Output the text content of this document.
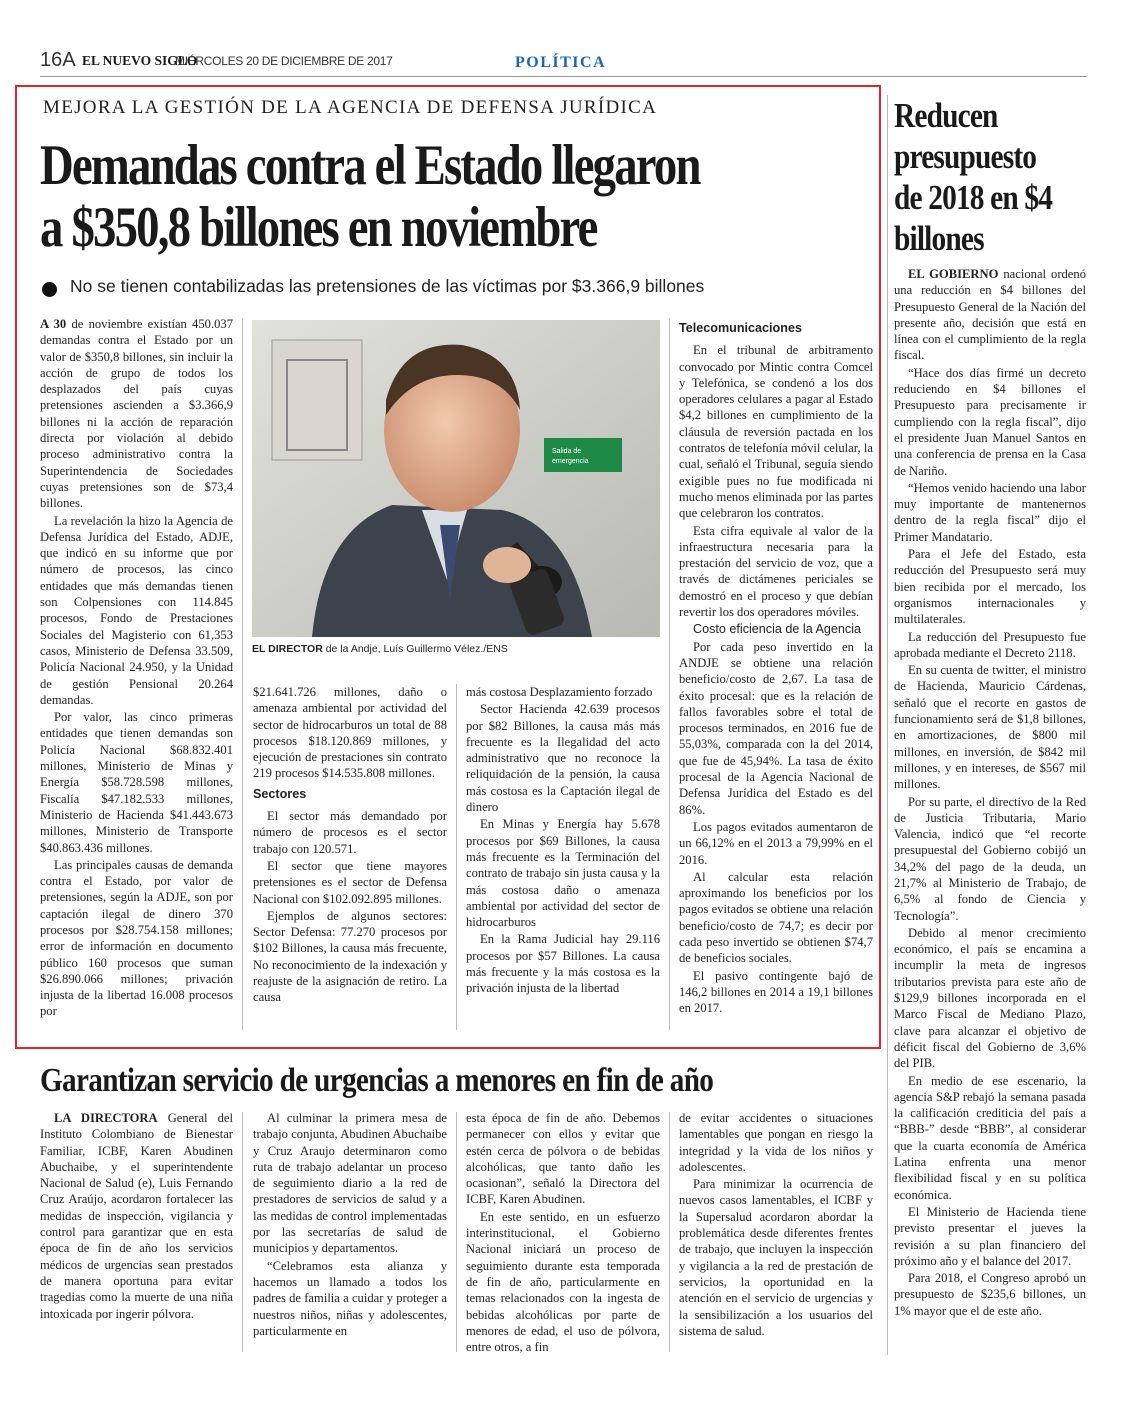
16A EL NUEVO SIGLO
MIÉRCOLES 20 DE DICIEMBRE DE 2017	POLÍTICA
MEJORA LA GESTIÓN DE LA AGENCIA DE DEFENSA JURÍDICA
Demandas contra el Estado llegaron
a $350,8 billones en noviembre
No se tienen contabilizadas las pretensiones de las víctimas por $3.366,9 billones

A 30 de noviembre existían 450.037 demandas contra el Estado por un valor de $350,8 billones, sin incluir la acción de grupo de todos los desplazados del país cuyas pretensiones ascienden a $3.366,9 billones ni la acción de reparación directa por violación al debido proceso administrativo contra la Superintendencia de Sociedades cuyas pretensiones son de $73,4 billones.

La revelación la hizo la Agencia de Defensa Jurídica del Estado, ADJE, que indicó en su informe que por número de procesos, las cinco entidades que más demandas tienen son Colpensiones con 114.845 procesos, Fondo de Prestaciones Sociales del Magisterio con 61,353 casos, Ministerio de Defensa 33.509, Policía Nacional 24.950, y la Unidad de gestión Pensional 20.264 demandas.

Por valor, las cinco primeras entidades que tienen demandas son Policía Nacional $68.832.401 millones, Ministerio de Minas y Energía $58.728.598 millones, Fiscalía $47.182.533 millones, Ministerio de Hacienda $41.443.673 millones, Ministerio de Transporte $40.863.436 millones.

Las principales causas de demanda contra el Estado, por valor de pretensiones, según la ADJE, son por captación ilegal de dinero 370 procesos por $28.754.158 millones; error de información en documento público 160 procesos que suman $26.890.066 millones; privación injusta de la libertad 16.008 procesos por

Salida de
emergencia
EL DIRECTOR de la Andje, Luís Guillermo Vélez./ENS

$21.641.726 millones, daño o amenaza ambiental por actividad del sector de hidrocarburos un total de 88 procesos $18.120.869 millones, y ejecución de prestaciones sin contrato 219 procesos $14.535.808 millones.

Sectores

El sector más demandado por número de procesos es el sector trabajo con 120.571.

El sector que tiene mayores pretensiones es el sector de Defensa Nacional con $102.092.895 millones.

Ejemplos de algunos sectores: Sector Defensa: 77.270 procesos por $102 Billones, la causa más frecuente, No reconocimiento de la indexación y reajuste de la asignación de retiro. La causa

más costosa Desplazamiento forzado

Sector Hacienda 42.639 procesos por $82 Billones, la causa más más frecuente es la Ilegalidad del acto administrativo que no reconoce la reliquidación de la pensión, la causa más costosa es la Captación ilegal de dinero

En Minas y Energía hay 5.678 procesos por $69 Billones, la causa más frecuente es la Terminación del contrato de trabajo sin justa causa y la más costosa daño o amenaza ambiental por actividad del sector de hidrocarburos

En la Rama Judicial hay 29.116 procesos por $57 Billones. La causa más frecuente y la más costosa es la privación injusta de la libertad

Telecomunicaciones

En el tribunal de arbitramento convocado por Mintic contra Comcel y Telefónica, se condenó a los dos operadores celulares a pagar al Estado $4,2 billones en cumplimiento de la cláusula de reversión pactada en los contratos de telefonía móvil celular, la cual, señaló el Tribunal, seguía siendo exigible pues no fue modificada ni mucho menos eliminada por las partes que celebraron los contratos.

Esta cifra equivale al valor de la infraestructura necesaria para la prestación del servicio de voz, que a través de dictámenes periciales se demostró en el proceso y que debían revertir los dos operadores móviles.

Costo eficiencia de la Agencia

Por cada peso invertido en la ANDJE se obtiene una relación beneficio/costo de 2,67. La tasa de éxito procesal: que es la relación de fallos favorables sobre el total de procesos terminados, en 2016 fue de 55,03%, comparada con la del 2014, que fue de 45,94%. La tasa de éxito procesal de la Agencia Nacional de Defensa Jurídica del Estado es del 86%.

Los pagos evitados aumentaron de un 66,12% en el 2013 a 79,99% en el 2016.

Al calcular esta relación aproximando los beneficios por los pagos evitados se obtiene una relación beneficio/costo de 74,7; es decir por cada peso invertido se obtienen $74,7 de beneficios sociales.

El pasivo contingente bajó de 146,2 billones en 2014 a 19,1 billones en 2017.

Reducen presupuesto de 2018 en $4 billones

EL GOBIERNO nacional ordenó una reducción en $4 billones del Presupuesto General de la Nación del presente año, decisión que está en línea con el cumplimiento de la regla fiscal.

“Hace dos días firmé un decreto reduciendo en $4 billones el Presupuesto para precisamente ir cumpliendo con la regla fiscal”, dijo el presidente Juan Manuel Santos en una conferencia de prensa en la Casa de Nariño.

“Hemos venido haciendo una labor muy importante de mantenernos dentro de la regla fiscal” dijo el Primer Mandatario.

Para el Jefe del Estado, esta reducción del Presupuesto será muy bien recibida por el mercado, los organismos internacionales y multilaterales.

La reducción del Presupuesto fue aprobada mediante el Decreto 2118.

En su cuenta de twitter, el ministro de Hacienda, Mauricio Cárdenas, señaló que el recorte en gastos de funcionamiento será de $1,8 billones, en amortizaciones, de $800 mil millones, en inversión, de $842 mil millones, y en intereses, de $567 mil millones.

Por su parte, el directivo de la Red de Justicia Tributaria, Mario Valencia, indicó que “el recorte presupuestal del Gobierno cobijó un 34,2% del pago de la deuda, un 21,7% al Ministerio de Trabajo, de 6,5% al fondo de Ciencia y Tecnología”.

Debido al menor crecimiento económico, el país se encamina a incumplir la meta de ingresos tributarios prevista para este año de $129,9 billones incorporada en el Marco Fiscal de Mediano Plazo, clave para alcanzar el objetivo de déficit fiscal del Gobierno de 3,6% del PIB.

En medio de ese escenario, la agencia S&P rebajó la semana pasada la calificación crediticia del país a “BBB-” desde “BBB”, al considerar que la cuarta economía de América Latina enfrenta una menor flexibilidad fiscal y en su política económica.

El Ministerio de Hacienda tiene previsto presentar el jueves la revisión a su plan financiero del próximo año y el balance del 2017.

Para 2018, el Congreso aprobó un presupuesto de $235,6 billones, un 1% mayor que el de este año.

Garantizan servicio de urgencias a menores en fin de año

LA DIRECTORA General del Instituto Colombiano de Bienestar Familiar, ICBF, Karen Abudinen Abuchaibe, y el superintendente Nacional de Salud (e), Luis Fernando Cruz Araújo, acordaron fortalecer las medidas de inspección, vigilancia y control para garantizar que en esta época de fin de año los servicios médicos de urgencias sean prestados de manera oportuna para evitar tragedias como la muerte de una niña intoxicada por ingerir pólvora.

Al culminar la primera mesa de trabajo conjunta, Abudinen Abuchaibe y Cruz Araujo determinaron como ruta de trabajo adelantar un proceso de seguimiento diario a la red de prestadores de servicios de salud y a las medidas de control implementadas por las secretarías de salud de municipios y departamentos.

“Celebramos esta alianza y hacemos un llamado a todos los padres de familia a cuidar y proteger a nuestros niños, niñas y adolescentes, particularmente en

esta época de fin de año. Debemos permanecer con ellos y evitar que estén cerca de pólvora o de bebidas alcohólicas, que tanto daño les ocasionan”, señaló la Directora del ICBF, Karen Abudinen.

En este sentido, en un esfuerzo interinstitucional, el Gobierno Nacional iniciará un proceso de seguimiento durante esta temporada de fin de año, particularmente en temas relacionados con la ingesta de bebidas alcohólicas por parte de menores de edad, el uso de pólvora, entre otros, a fin

de evitar accidentes o situaciones lamentables que pongan en riesgo la integridad y la vida de los niños y adolescentes.

Para minimizar la ocurrencia de nuevos casos lamentables, el ICBF y la Supersalud acordaron abordar la problemática desde diferentes frentes de trabajo, que incluyen la inspección y vigilancia a la red de prestación de servicios, la oportunidad en la atención en el servicio de urgencias y la sensibilización a los usuarios del sistema de salud.
